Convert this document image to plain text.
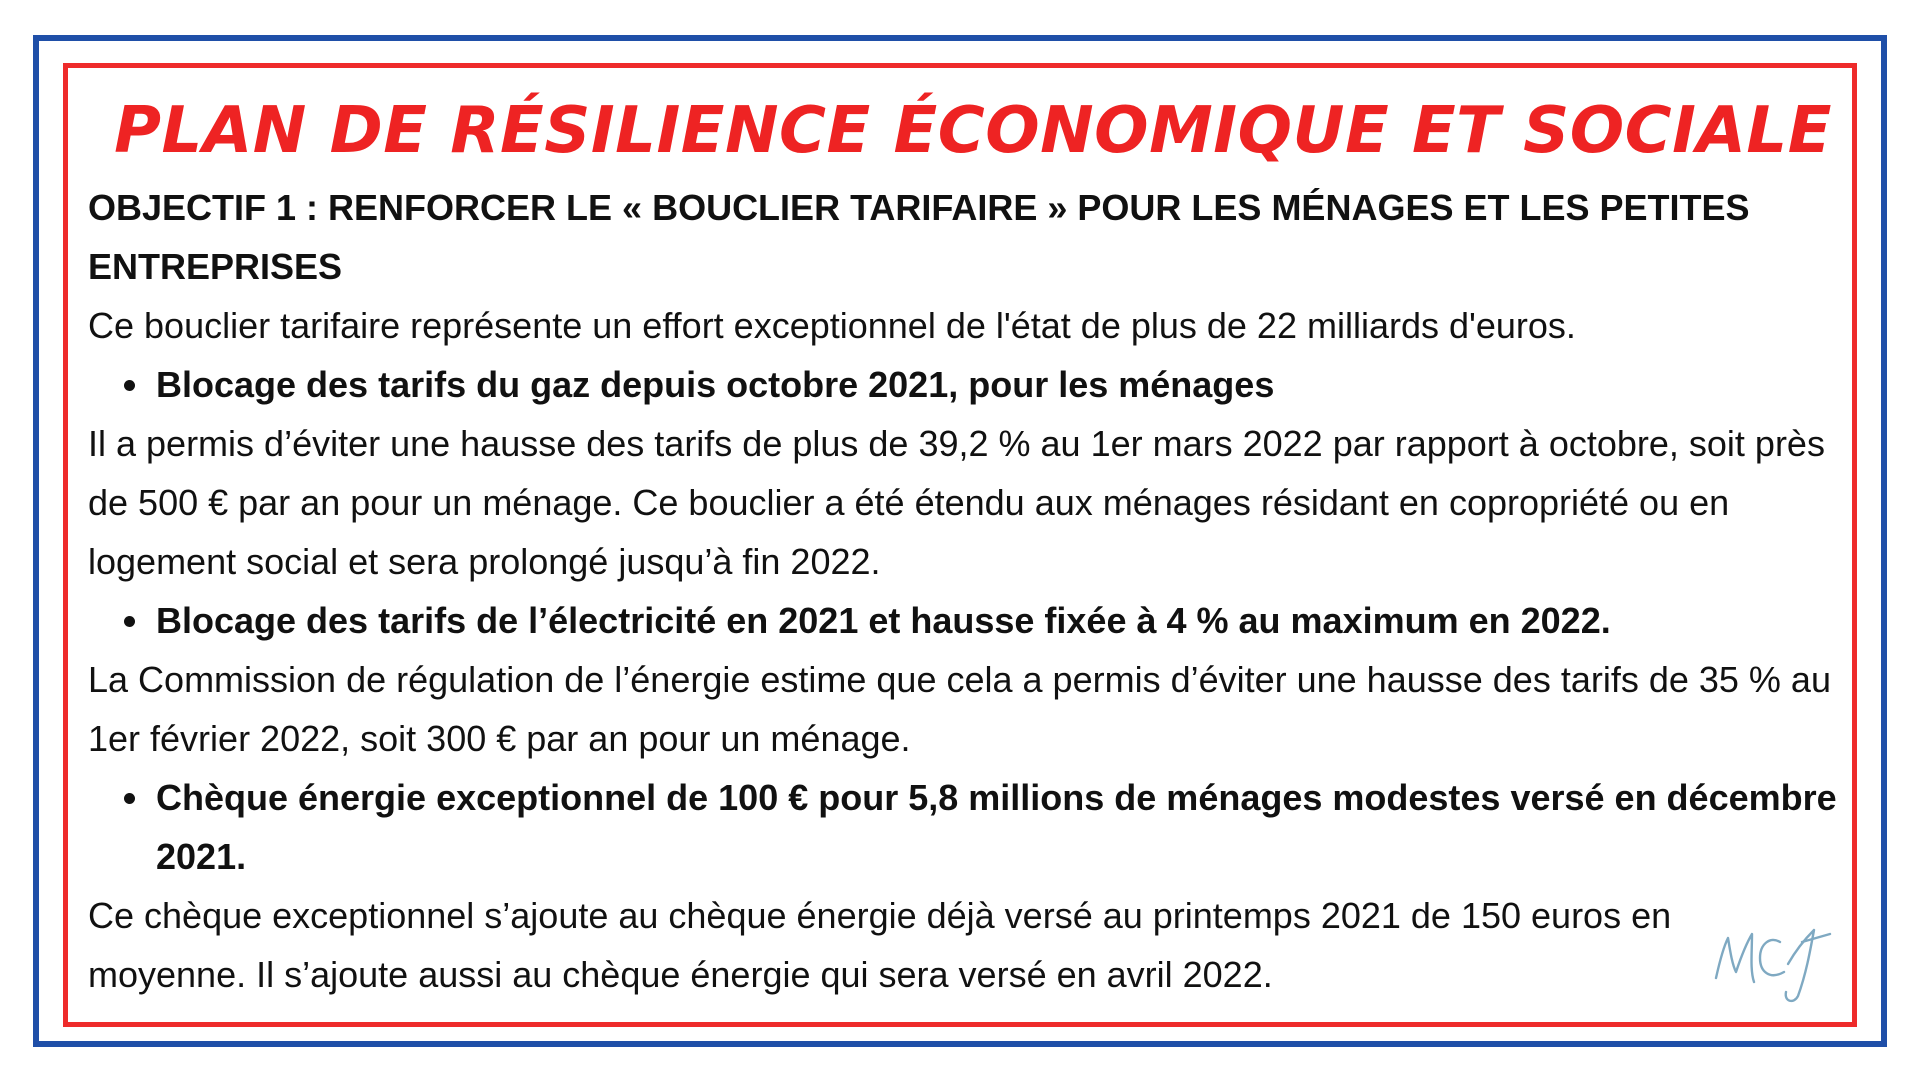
PLAN DE RÉSILIENCE ÉCONOMIQUE ET SOCIALE

OBJECTIF 1 : RENFORCER LE « BOUCLIER TARIFAIRE » POUR LES MÉNAGES ET LES PETITES ENTREPRISES

Ce bouclier tarifaire représente un effort exceptionnel de l'état de plus de 22 milliards d'euros.

Blocage des tarifs du gaz depuis octobre 2021, pour les ménages

Il a permis d’éviter une hausse des tarifs de plus de 39,2 % au 1er mars 2022 par rapport à octobre, soit près de 500 € par an pour un ménage. Ce bouclier a été étendu aux ménages résidant en copropriété ou en logement social et sera prolongé jusqu’à fin 2022.

Blocage des tarifs de l’électricité en 2021 et hausse fixée à 4 % au maximum en 2022.

La Commission de régulation de l’énergie estime que cela a permis d’éviter une hausse des tarifs de 35 % au 1er février 2022, soit 300 € par an pour un ménage.

Chèque énergie exceptionnel de 100 € pour 5,8 millions de ménages modestes versé en décembre 2021.

Ce chèque exceptionnel s’ajoute au chèque énergie déjà versé au printemps 2021 de 150 euros en moyenne. Il s’ajoute aussi au chèque énergie qui sera versé en avril 2022.
